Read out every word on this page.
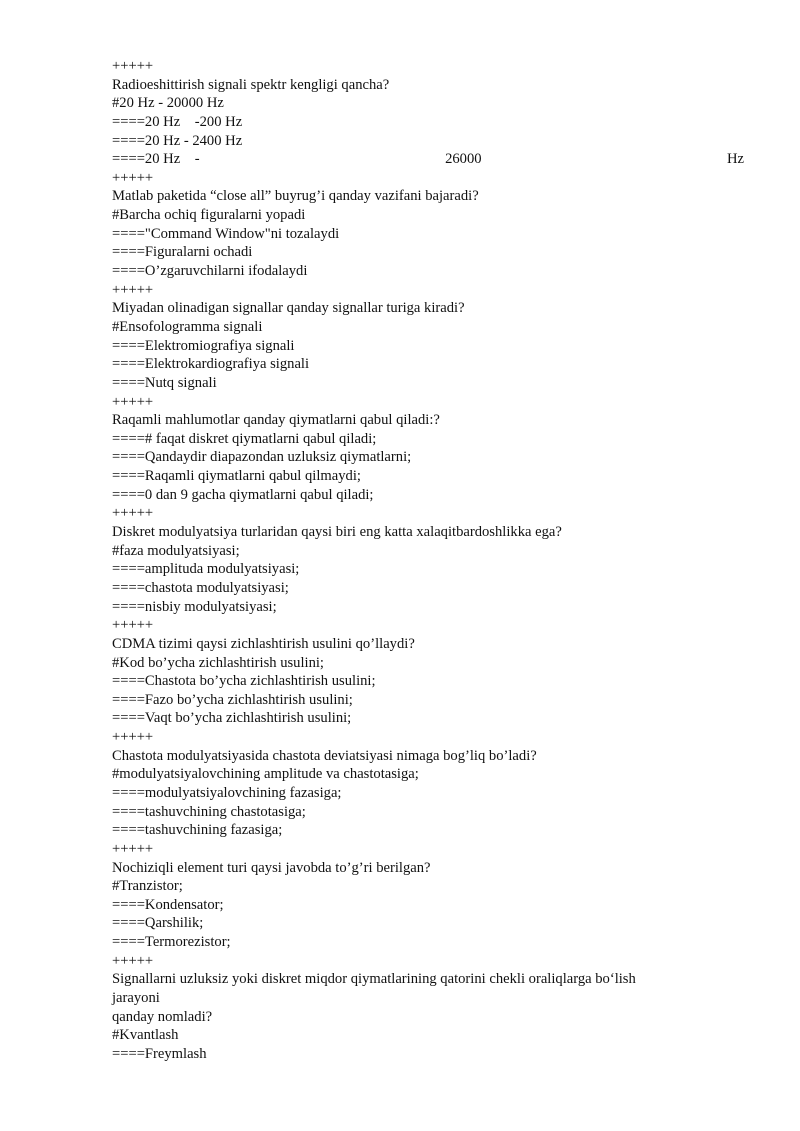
+++++
Radioeshittirish signali spektr kengligi qancha?
#20 Hz - 20000 Hz
====20 Hz    -200 Hz
====20 Hz - 2400 Hz
====20 Hz    -	26000	Hz
+++++
Matlab paketida “close all” buyrug’i qanday vazifani bajaradi?
#Barcha ochiq figuralarni yopadi
===="Command Window"ni tozalaydi
====Figuralarni ochadi
====O’zgaruvchilarni ifodalaydi
+++++
Miyadan olinadigan signallar qanday signallar turiga kiradi?
#Ensofologramma signali
====Elektromiografiya signali
====Elektrokardiografiya signali
====Nutq signali
+++++
Raqamli mahlumotlar qanday qiymatlarni qabul qiladi:?
====# faqat diskret qiymatlarni qabul qiladi;
====Qandaydir diapazondan uzluksiz qiymatlarni;
====Raqamli qiymatlarni qabul qilmaydi;
====0 dan 9 gacha qiymatlarni qabul qiladi;
+++++
Diskret modulyatsiya turlaridan qaysi biri eng katta xalaqitbardoshlikka ega?
#faza modulyatsiyasi;
====amplituda modulyatsiyasi;
====chastota modulyatsiyasi;
====nisbiy modulyatsiyasi;
+++++
CDMA tizimi qaysi zichlashtirish usulini qo’llaydi?
#Kod bo’ycha zichlashtirish usulini;
====Chastota bo’ycha zichlashtirish usulini;
====Fazo bo’ycha zichlashtirish usulini;
====Vaqt bo’ycha zichlashtirish usulini;
+++++
Chastota modulyatsiyasida chastota deviatsiyasi nimaga bog’liq bo’ladi?
#modulyatsiyalovchining amplitude va chastotasiga;
====modulyatsiyalovchining fazasiga;
====tashuvchining chastotasiga;
====tashuvchining fazasiga;
+++++
Nochiziqli element turi qaysi javobda to’g’ri berilgan?
#Tranzistor;
====Kondensator;
====Qarshilik;
====Termorezistor;
+++++
Signallarni uzluksiz yoki diskret miqdor qiymatlarining qatorini chekli oraliqlarga bo‘lish
jarayoni
qanday nomladi?
#Kvantlash
====Freymlash
